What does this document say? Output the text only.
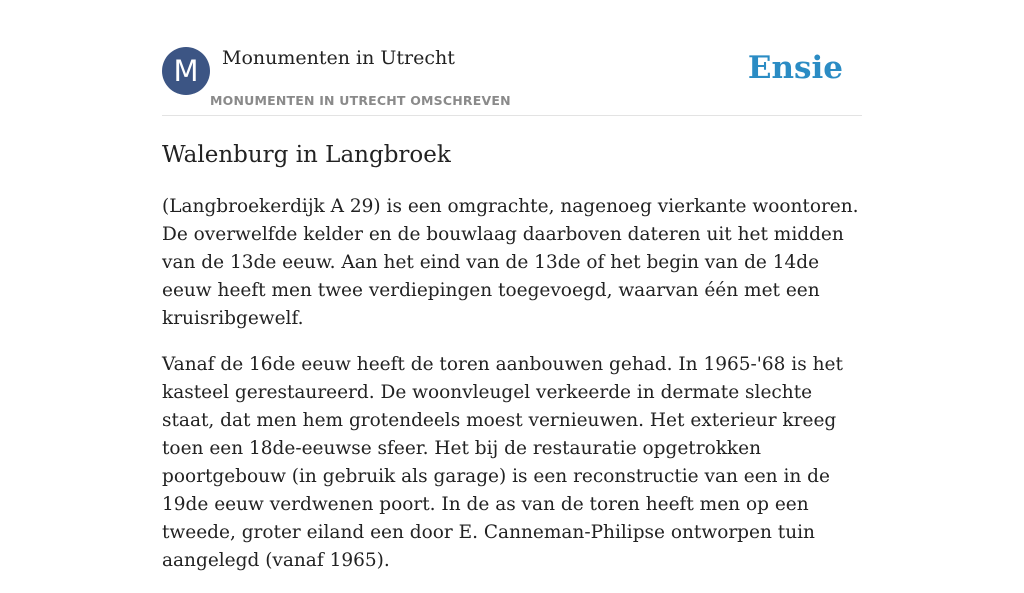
M	Monumenten in Utrecht
MONUMENTEN IN UTRECHT OMSCHREVEN
Ensie
Walenburg in Langbroek

(Langbroekerdijk A 29) is een omgrachte, nagenoeg vierkante woontoren. De overwelfde kelder en de bouwlaag daarboven dateren uit het midden van de 13de eeuw. Aan het eind van de 13de of het begin van de 14de eeuw heeft men twee verdiepingen toegevoegd, waarvan één met een kruisribgewelf.

Vanaf de 16de eeuw heeft de toren aanbouwen gehad. In 1965-'68 is het kasteel gerestaureerd. De woonvleugel verkeerde in dermate slechte staat, dat men hem grotendeels moest vernieuwen. Het exterieur kreeg toen een 18de-eeuwse sfeer. Het bij de restauratie opgetrokken poortgebouw (in gebruik als garage) is een reconstructie van een in de 19de eeuw verdwenen poort. In de as van de toren heeft men op een tweede, groter eiland een door E. Canneman-Philipse ontworpen tuin aangelegd (vanaf 1965).
